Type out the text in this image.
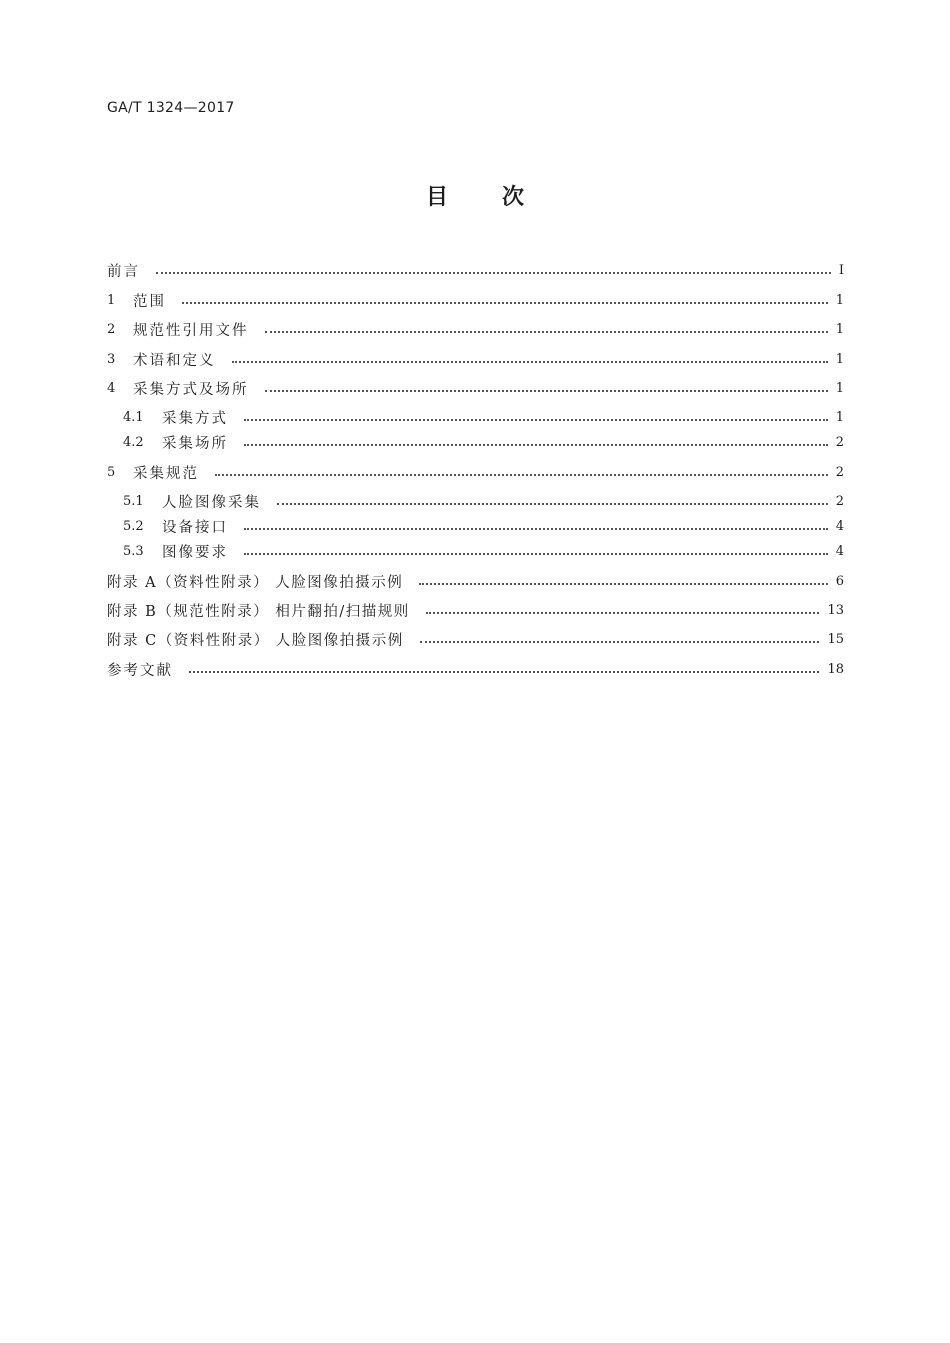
GA/T 1324—2017
目次
前言	Ⅰ
1	范围	1
2	规范性引用文件	1
3	术语和定义	1
4	采集方式及场所	1
4.1	采集方式	1
4.2	采集场所	2
5	采集规范	2
5.1	人脸图像采集	2
5.2	设备接口	4
5.3	图像要求	4
附录 A（资料性附录） 人脸图像拍摄示例	6
附录 B（规范性附录） 相片翻拍/扫描规则	13
附录 C（资料性附录） 人脸图像拍摄示例	15
参考文献	18
